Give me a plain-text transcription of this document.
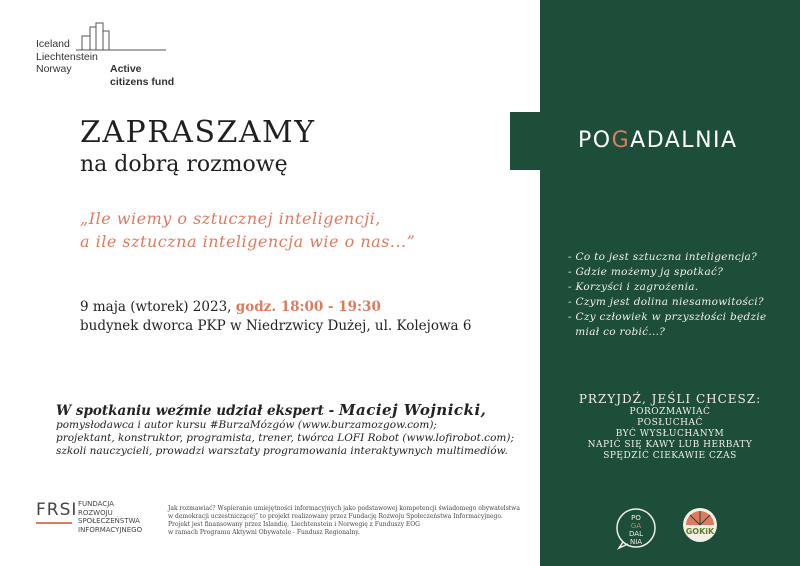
POGADALNIA
Iceland
Liechtenstein
Norway	Active
citizens fund
ZAPRASZAMY
na dobrą rozmowę
„Ile wiemy o sztucznej inteligencji,
a ile sztuczna inteligencja wie o nas...”
9 maja (wtorek) 2023, godz. 18:00 - 19:30
budynek dworca PKP w Niedrzwicy Dużej, ul. Kolejowa 6
W spotkaniu weźmie udział ekspert - Maciej Wojnicki,
pomysłodawca i autor kursu #BurzaMózgów (www.burzamozgow.com);
projektant, konstruktor, programista, trener, twórca LOFI Robot (www.lofirobot.com);
szkoli nauczycieli, prowadzi warsztaty programowania interaktywnych multimediów.
FRSI FUNDACJA
ROZWOJU
SPOŁECZEŃSTWA
INFORMACYJNEGO
Jak rozmawiać? Wspieranie umiejętności informacyjnych jako podstawowej kompetencji świadomego obywatelstwa
w demokracji uczestniczącej” to projekt realizowany przez Fundację Rozwoju Społeczeństwa Informacyjnego.
Projekt jest finansowany przez Islandię, Liechtenstein i Norwegię z Funduszy EOG
w ramach Programu Aktywni Obywatele - Fundusz Regionalny.
- Co to jest sztuczna inteligencja?
- Gdzie możemy ją spotkać?
- Korzyści i zagrożenia.
- Czym jest dolina niesamowitości?
- Czy człowiek w przyszłości będzie
miał co robić...?
PRZYJDŹ, JEŚLI CHCESZ:
POROZMAWIAĆ
POSŁUCHAĆ
BYĆ WYSŁUCHANYM
NAPIĆ SIĘ KAWY LUB HERBATY
SPĘDZIĆ CIEKAWIE CZAS
PO
GA
DAL
NIA
GOKiK
